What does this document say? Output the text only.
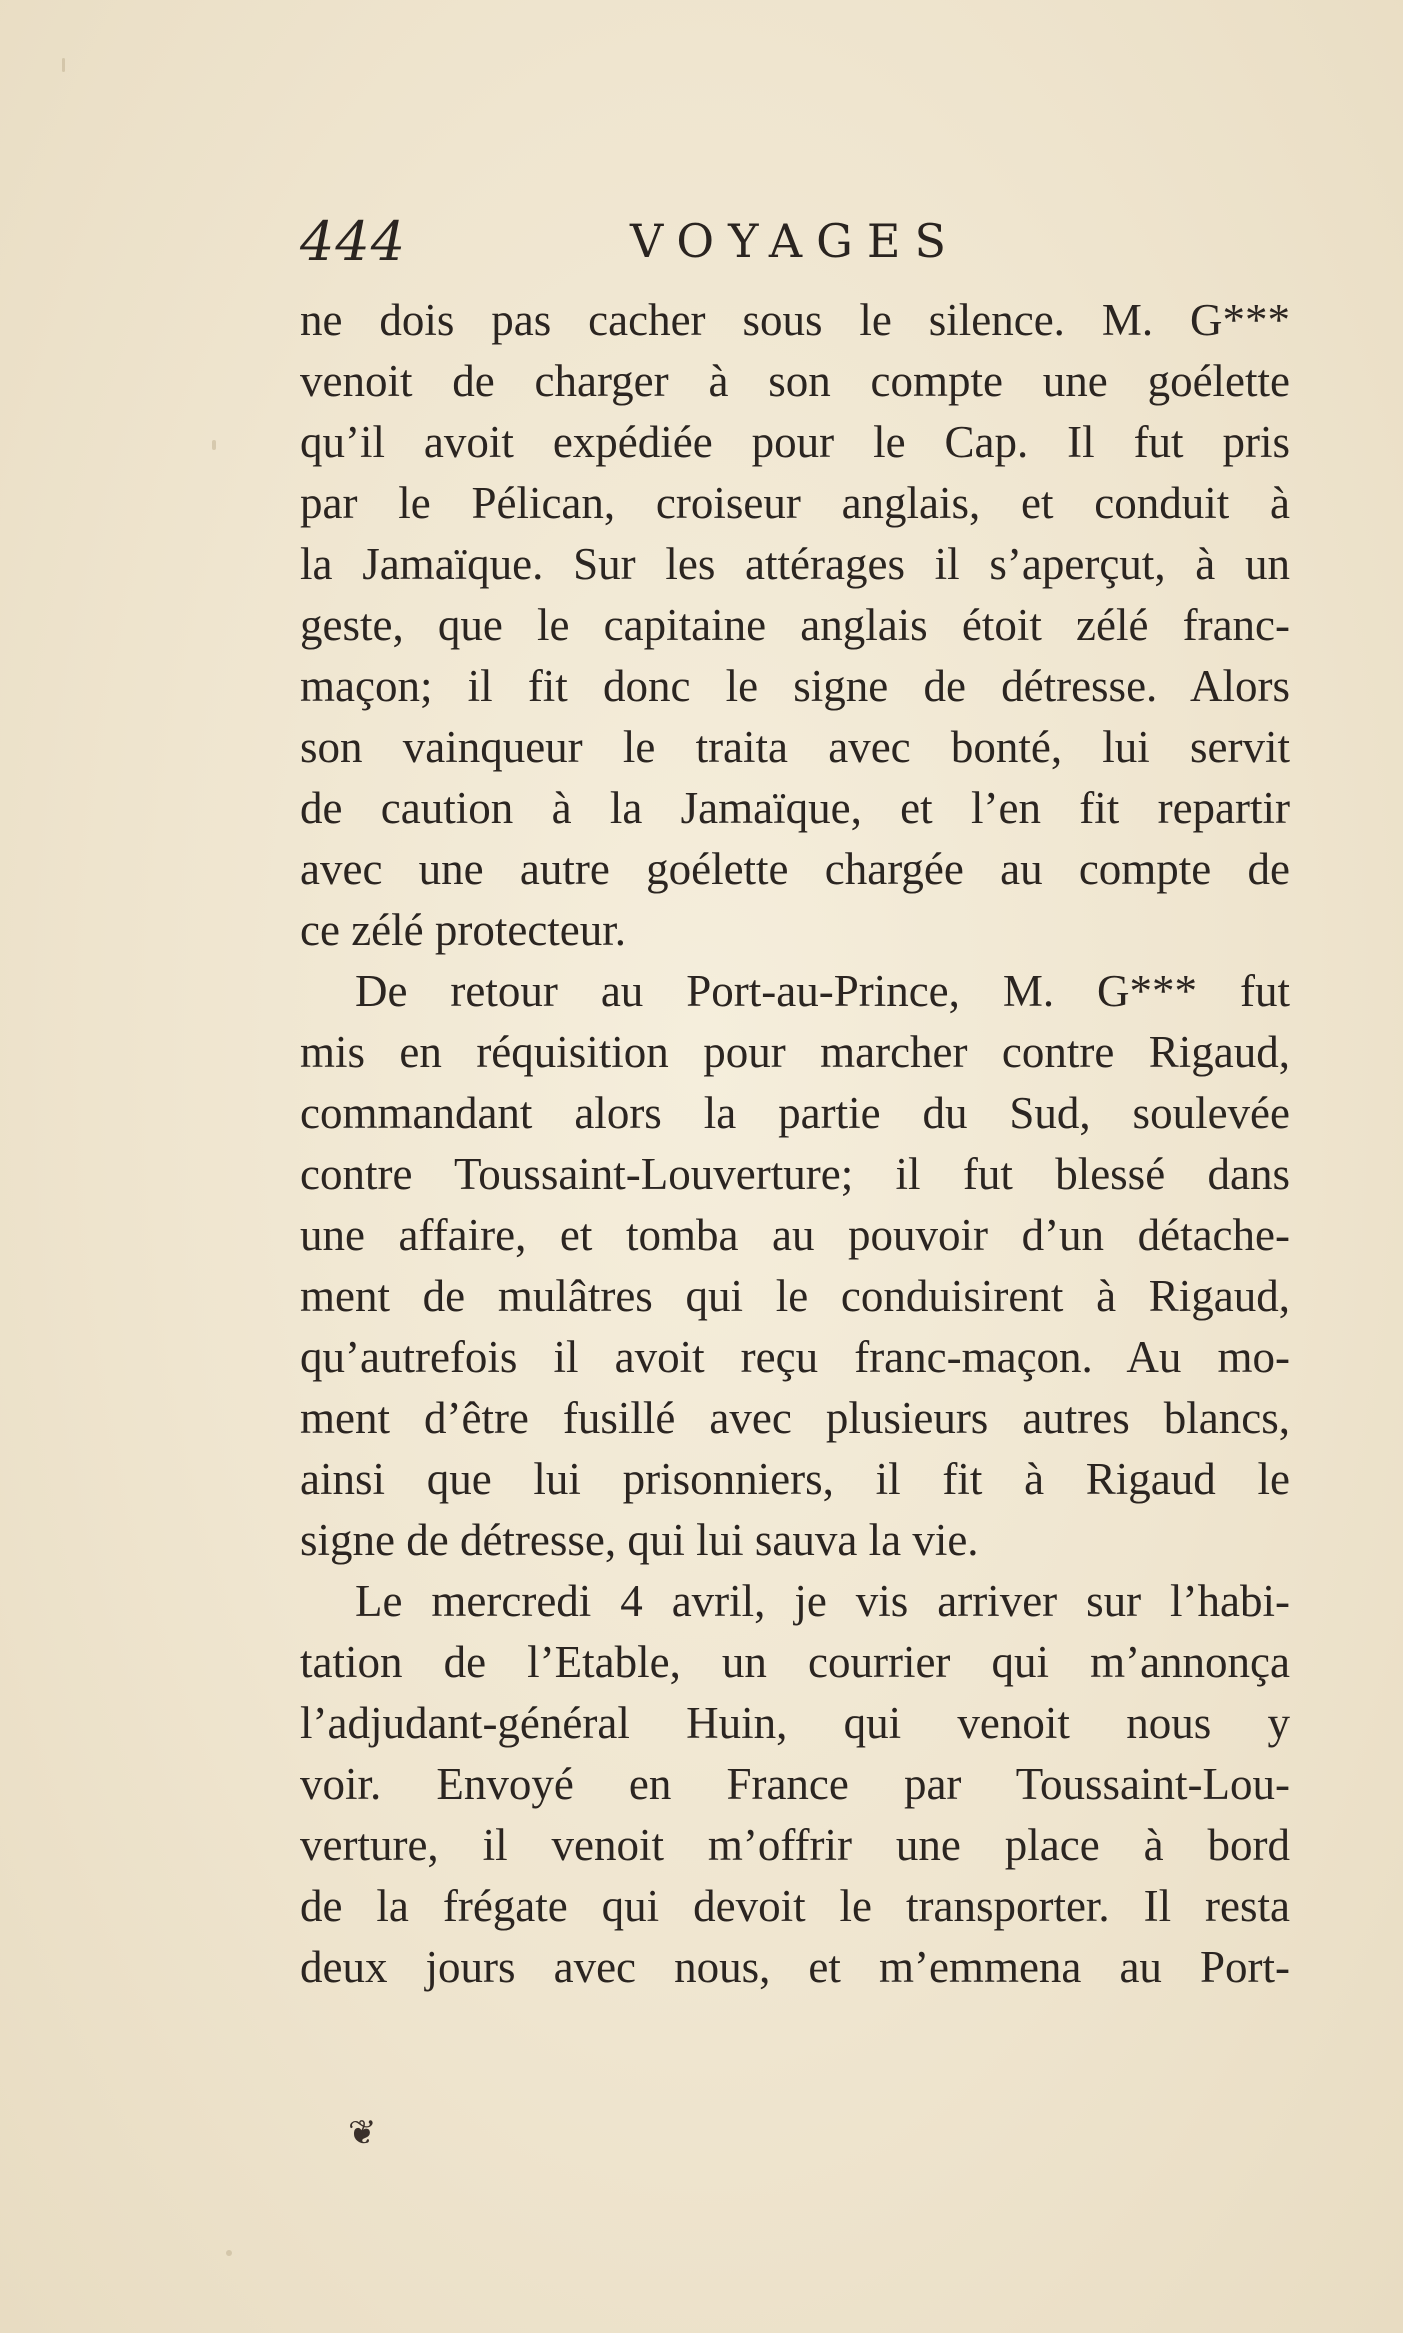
444	VOYAGES
ne dois pas cacher sous le silence. M. G***
venoit de charger à son compte une goélette
qu’il avoit expédiée pour le Cap. Il fut pris
par le Pélican, croiseur anglais, et conduit à
la Jamaïque. Sur les attérages il s’aperçut, à un
geste, que le capitaine anglais étoit zélé franc-
maçon; il fit donc le signe de détresse. Alors
son vainqueur le traita avec bonté, lui servit
de caution à la Jamaïque, et l’en fit repartir
avec une autre goélette chargée au compte de
ce zélé protecteur.
De retour au Port-au-Prince, M. G*** fut
mis en réquisition pour marcher contre Rigaud,
commandant alors la partie du Sud, soulevée
contre Toussaint-Louverture; il fut blessé dans
une affaire, et tomba au pouvoir d’un détache-
ment de mulâtres qui le conduisirent à Rigaud,
qu’autrefois il avoit reçu franc-maçon. Au mo-
ment d’être fusillé avec plusieurs autres blancs,
ainsi que lui prisonniers, il fit à Rigaud le
signe de détresse, qui lui sauva la vie.
Le mercredi 4 avril, je vis arriver sur l’habi-
tation de l’Etable, un courrier qui m’annonça
l’adjudant-général Huin, qui venoit nous y
voir. Envoyé en France par Toussaint-Lou-
verture, il venoit m’offrir une place à bord
de la frégate qui devoit le transporter. Il resta
deux jours avec nous, et m’emmena au Port-
❦
